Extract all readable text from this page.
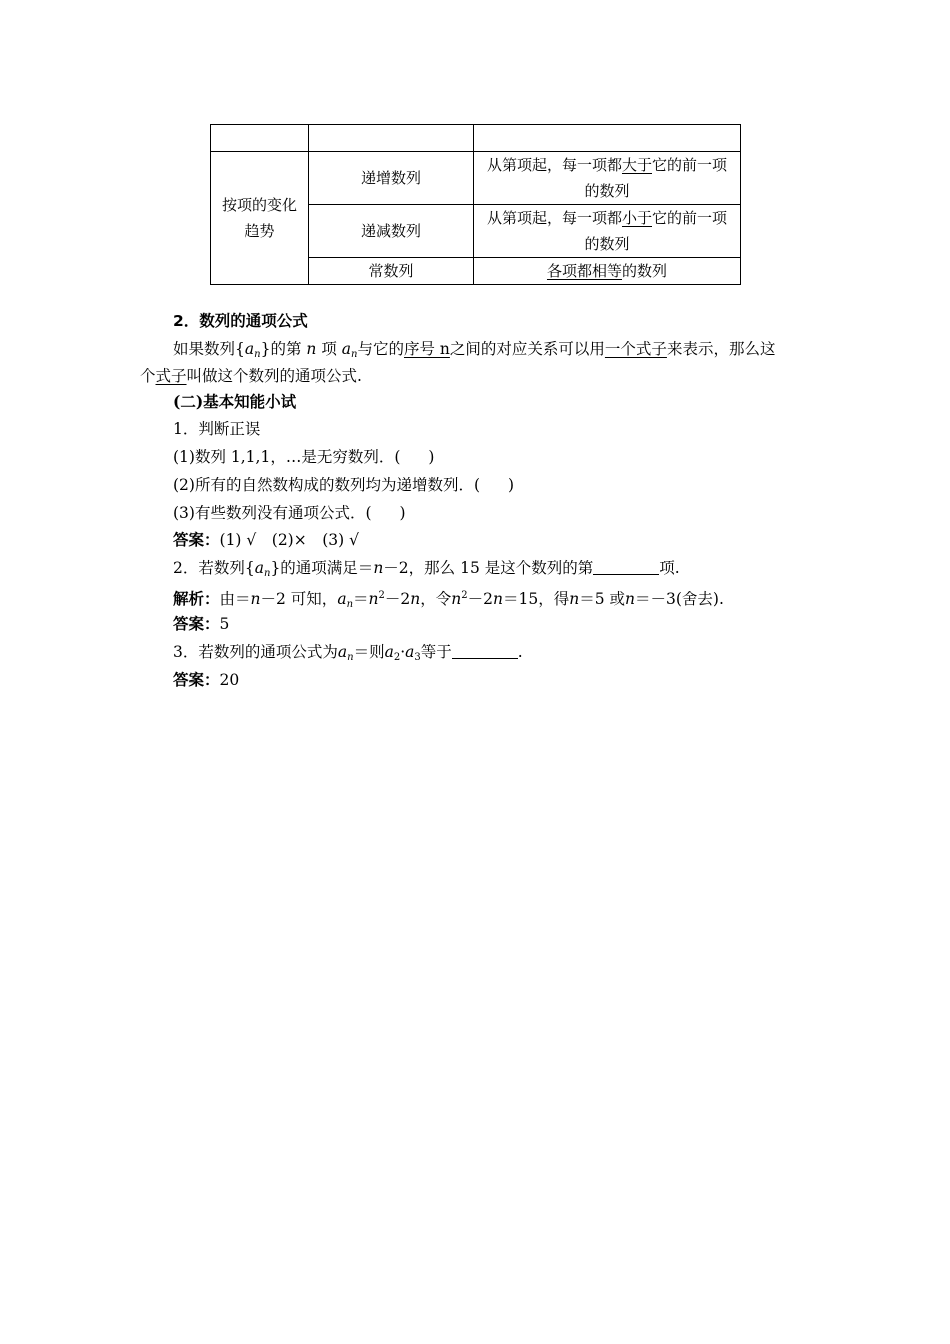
按项的变化趋势	递增数列	从第项起，每一项都大于它的前一项的数列
	递减数列	从第项起，每一项都小于它的前一项的数列
	常数列	各项都相等的数列
2．数列的通项公式
如果数列$\{a_n\}$的第 n 项 $a_n$与它的序号 n之间的对应关系可以用一个式子来表示，那么这
个式子叫做这个数列的通项公式.
(二)基本知能小试
1．判断正误
(1)数列 1,1,1，…是无穷数列．( )
(2)所有的自然数构成的数列均为递增数列．( )
(3)有些数列没有通项公式．( )
答案：(1) √　(2)×　(3) √
2．若数列$\{a_n\}$的通项满足＝n－2，那么 15 是这个数列的第	项.
解析：由＝n－2 可知，$a_n=n^2-2n$，令$n^2-2n=15$，得n＝5 或n＝－3(舍去).
答案：5
3．若数列的通项公式为$a_n=$则$a_2\cdot a_3$等于	.
答案：20
